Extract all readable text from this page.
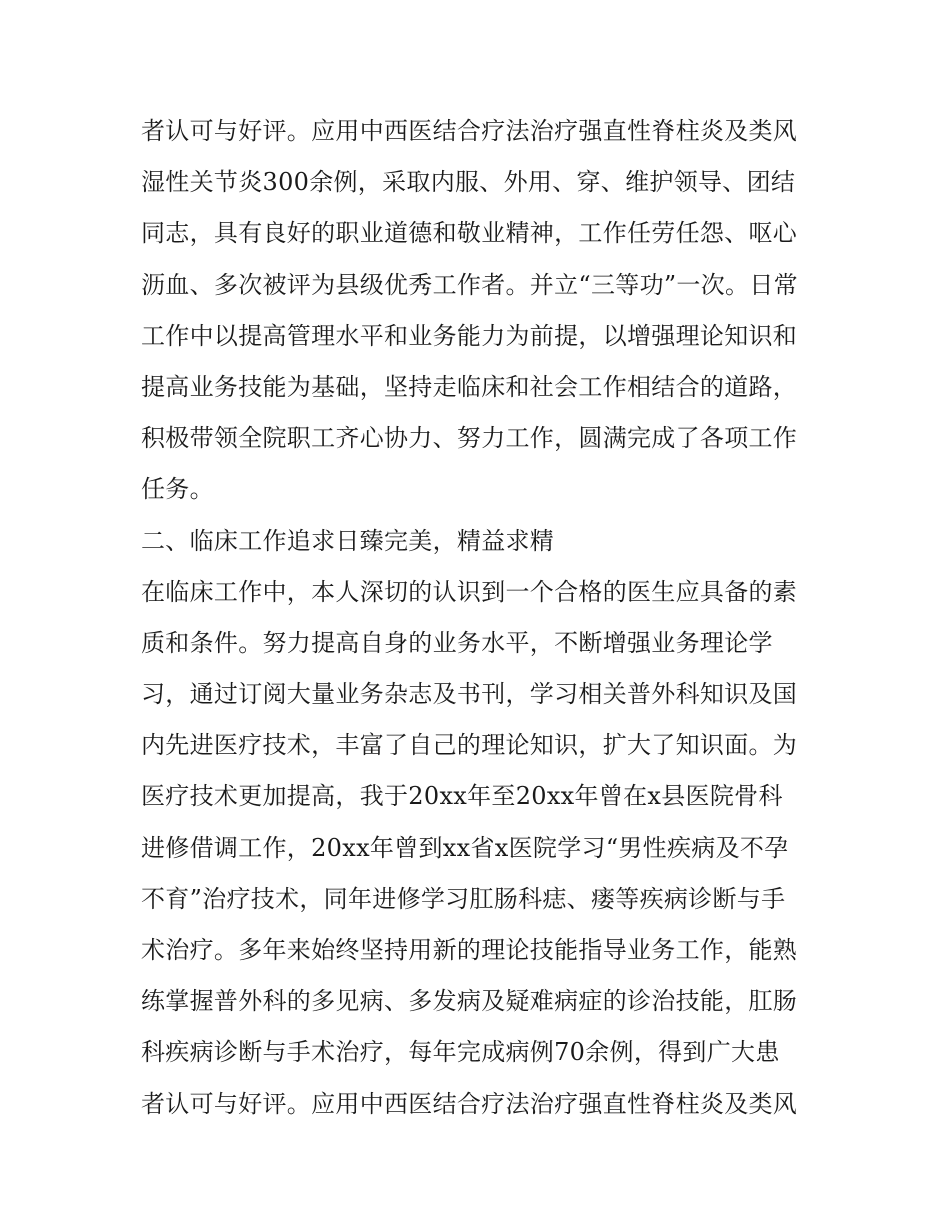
者认可与好评。应用中西医结合疗法治疗强直性脊柱炎及类风
湿性关节炎300余例，采取内服、外用、穿、维护领导、团结
同志，具有良好的职业道德和敬业精神，工作任劳任怨、呕心
沥血、多次被评为县级优秀工作者。并立“三等功”一次。日常
工作中以提高管理水平和业务能力为前提，以增强理论知识和
提高业务技能为基础，坚持走临床和社会工作相结合的道路，
积极带领全院职工齐心协力、努力工作，圆满完成了各项工作
任务。
二、临床工作追求日臻完美，精益求精
在临床工作中，本人深切的认识到一个合格的医生应具备的素
质和条件。努力提高自身的业务水平，不断增强业务理论学
习，通过订阅大量业务杂志及书刊，学习相关普外科知识及国
内先进医疗技术，丰富了自己的理论知识，扩大了知识面。为
医疗技术更加提高，我于20xx年至20xx年曾在x县医院骨科
进修借调工作，20xx年曾到xx省x医院学习“男性疾病及不孕
不育”治疗技术，同年进修学习肛肠科痣、瘘等疾病诊断与手
术治疗。多年来始终坚持用新的理论技能指导业务工作，能熟
练掌握普外科的多见病、多发病及疑难病症的诊治技能，肛肠
科疾病诊断与手术治疗，每年完成病例70余例，得到广大患
者认可与好评。应用中西医结合疗法治疗强直性脊柱炎及类风
